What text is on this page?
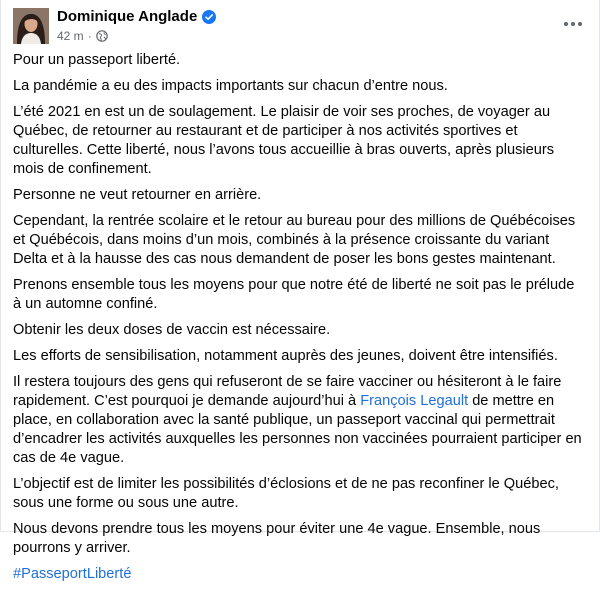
Dominique Anglade
42 m ·

Pour un passeport liberté.

La pandémie a eu des impacts importants sur chacun d’entre nous.

L’été 2021 en est un de soulagement. Le plaisir de voir ses proches, de voyager au Québec, de retourner au restaurant et de participer à nos activités sportives et culturelles. Cette liberté, nous l’avons tous accueillie à bras ouverts, après plusieurs mois de confinement.

Personne ne veut retourner en arrière.

Cependant, la rentrée scolaire et le retour au bureau pour des millions de Québécoises et Québécois, dans moins d’un mois, combinés à la présence croissante du variant Delta et à la hausse des cas nous demandent de poser les bons gestes maintenant.

Prenons ensemble tous les moyens pour que notre été de liberté ne soit pas le prélude à un automne confiné.

Obtenir les deux doses de vaccin est nécessaire.

Les efforts de sensibilisation, notamment auprès des jeunes, doivent être intensifiés.

Il restera toujours des gens qui refuseront de se faire vacciner ou hésiteront à le faire rapidement. C’est pourquoi je demande aujourd’hui à François Legault de mettre en place, en collaboration avec la santé publique, un passeport vaccinal qui permettrait d’encadrer les activités auxquelles les personnes non vaccinées pourraient participer en cas de 4e vague.

L’objectif est de limiter les possibilités d’éclosions et de ne pas reconfiner le Québec, sous une forme ou sous une autre.

Nous devons prendre tous les moyens pour éviter une 4e vague. Ensemble, nous pourrons y arriver.

#PasseportLiberté
